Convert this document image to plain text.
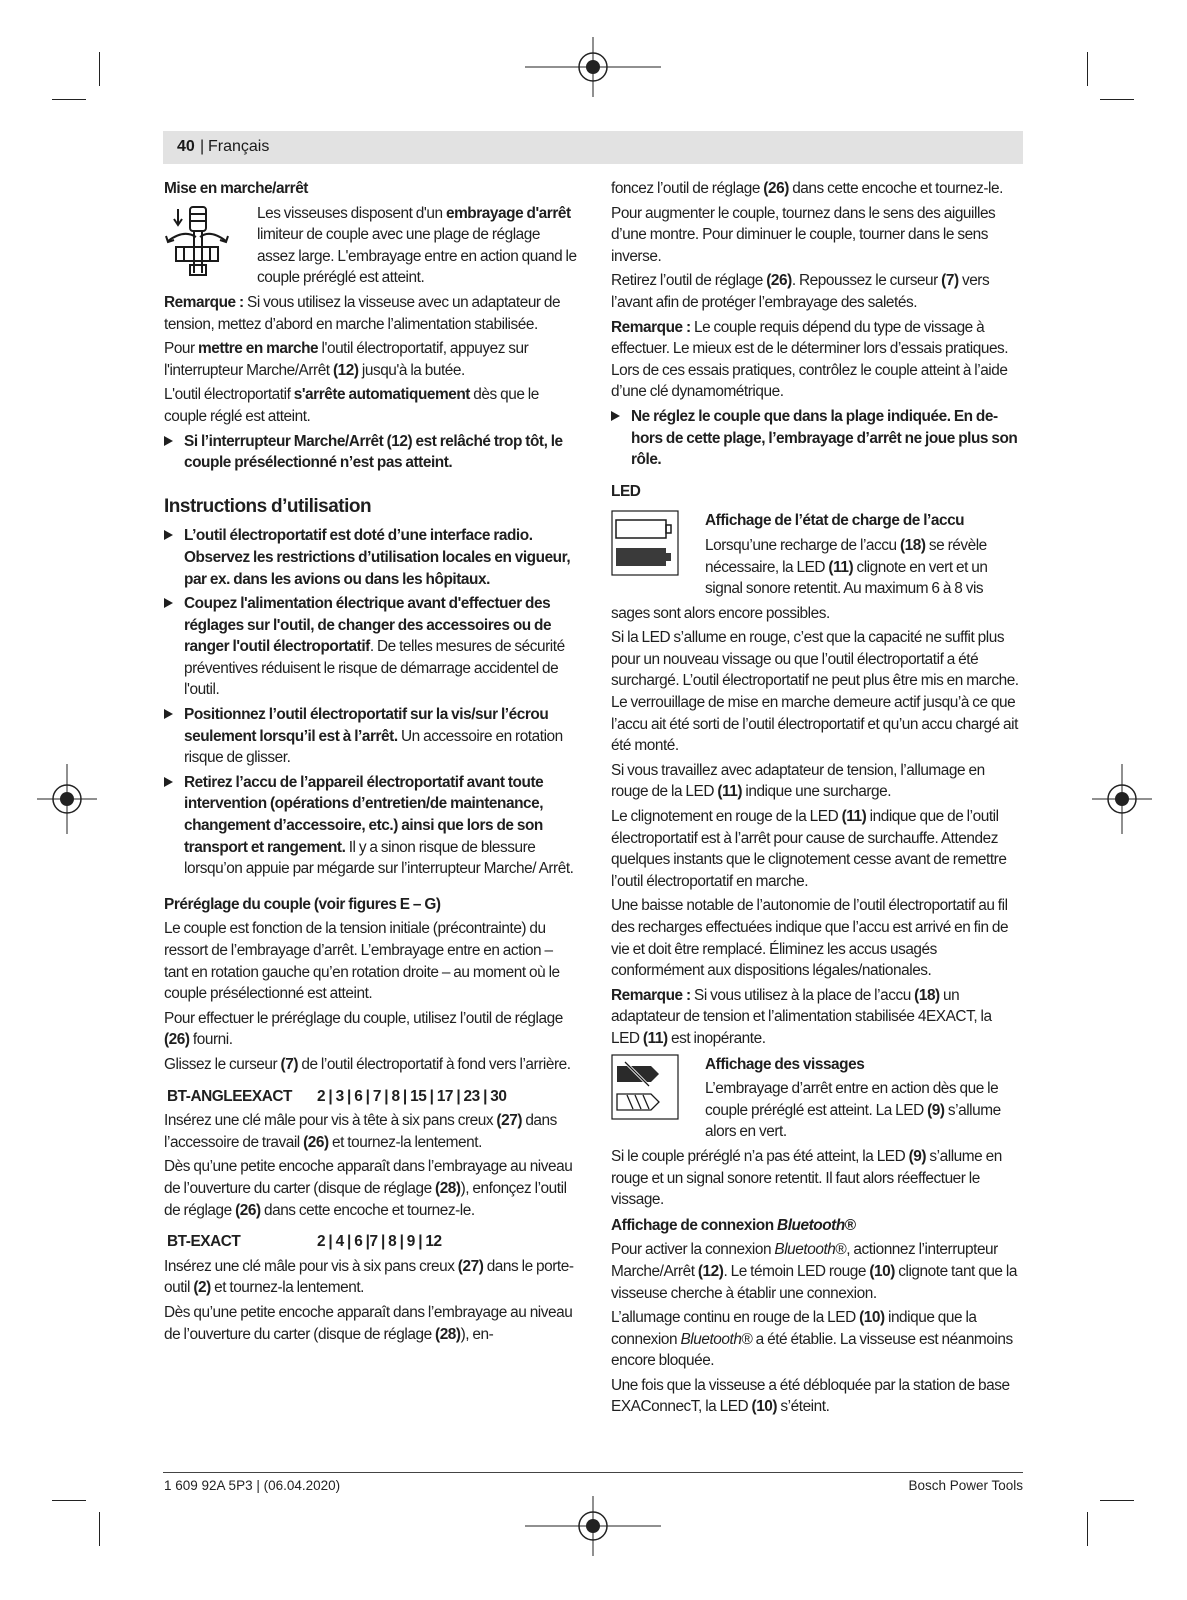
40 | Français
Mise en marche/arrêt
Les visseuses disposent d'un embrayage d'arrêt limiteur de couple avec une plage de réglage assez large. L'embrayage entre en action quand le couple préréglé est atteint.

Remarque : Si vous utilisez la visseuse avec un adaptateur de tension, mettez d’abord en marche l’alimentation stabilisée.

Pour mettre en marche l'outil électroportatif, appuyez sur l'interrupteur Marche/Arrêt (12) jusqu'à la butée.

L'outil électroportatif s'arrête automatiquement dès que le couple réglé est atteint.

Si l’interrupteur Marche/Arrêt (12) est relâché trop tôt, le couple présélectionné n’est pas atteint.
Instructions d’utilisation
L’outil électroportatif est doté d’une interface radio. Observez les restrictions d’utilisation locales en vigueur, par ex. dans les avions ou dans les hôpitaux.
Coupez l'alimentation électrique avant d'effectuer des réglages sur l'outil, de changer des accessoires ou de ranger l'outil électroportatif. De telles mesures de sécurité préventives réduisent le risque de démarrage accidentel de l'outil.
Positionnez l’outil électroportatif sur la vis/sur l’écrou seulement lorsqu’il est à l’arrêt. Un accessoire en rotation risque de glisser.
Retirez l’accu de l’appareil électroportatif avant toute intervention (opérations d’entretien/de maintenance, changement d’accessoire, etc.) ainsi que lors de son transport et rangement. Il y a sinon risque de blessure lorsqu’on appuie par mégarde sur l’interrupteur Marche/ Arrêt.
Préréglage du couple (voir figures E – G)

Le couple est fonction de la tension initiale (précontrainte) du ressort de l’embrayage d’arrêt. L’embrayage entre en action – tant en rotation gauche qu’en rotation droite – au moment où le couple présélectionné est atteint.

Pour effectuer le préréglage du couple, utilisez l’outil de réglage (26) fourni.

Glissez le curseur (7) de l’outil électroportatif à fond vers l’arrière.

BT-ANGLEEXACT	2 | 3 | 6 | 7 | 8 | 15 | 17 | 23 | 30

Insérez une clé mâle pour vis à tête à six pans creux (27) dans l’accessoire de travail (26) et tournez-la lentement.

Dès qu’une petite encoche apparaît dans l’embrayage au niveau de l’ouverture du carter (disque de réglage (28)), enfonçez l’outil de réglage (26) dans cette encoche et tournez-le.

BT-EXACT	2 | 4 | 6 |7 | 8 | 9 | 12

Insérez une clé mâle pour vis à six pans creux (27) dans le porte-outil (2) et tournez-la lentement.

Dès qu’une petite encoche apparaît dans l’embrayage au niveau de l’ouverture du carter (disque de réglage (28)), en-

foncez l’outil de réglage (26) dans cette encoche et tournez-le.

Pour augmenter le couple, tournez dans le sens des aiguilles d’une montre. Pour diminuer le couple, tourner dans le sens inverse.

Retirez l’outil de réglage (26). Repoussez le curseur (7) vers l’avant afin de protéger l’embrayage des saletés.

Remarque : Le couple requis dépend du type de vissage à effectuer. Le mieux est de le déterminer lors d’essais pratiques. Lors de ces essais pratiques, contrôlez le couple atteint à l’aide d’une clé dynamométrique.

Ne réglez le couple que dans la plage indiquée. En dehors de cette plage, l’embrayage d’arrêt ne joue plus son rôle.
LED
Affichage de l’état de charge de l’accu
Lorsqu’une recharge de l’accu (18) se révèle nécessaire, la LED (11) clignote en vert et un signal sonore retentit. Au maximum 6 à 8 vis

sages sont alors encore possibles.

Si la LED s’allume en rouge, c’est que la capacité ne suffit plus pour un nouveau vissage ou que l’outil électroportatif a été surchargé. L’outil électroportatif ne peut plus être mis en marche. Le verrouillage de mise en marche demeure actif jusqu’à ce que l’accu ait été sorti de l’outil électroportatif et qu’un accu chargé ait été monté.

Si vous travaillez avec adaptateur de tension, l’allumage en rouge de la LED (11) indique une surcharge.

Le clignotement en rouge de la LED (11) indique que de l’outil électroportatif est à l’arrêt pour cause de surchauffe. Attendez quelques instants que le clignotement cesse avant de remettre l’outil électroportatif en marche.

Une baisse notable de l’autonomie de l’outil électroportatif au fil des recharges effectuées indique que l’accu est arrivé en fin de vie et doit être remplacé. Éliminez les accus usagés conformément aux dispositions légales/nationales.

Remarque : Si vous utilisez à la place de l’accu (18) un adaptateur de tension et l’alimentation stabilisée 4EXACT, la LED (11) est inopérante.

Affichage des vissages
L’embrayage d’arrêt entre en action dès que le couple préréglé est atteint. La LED (9) s’allume alors en vert.

Si le couple préréglé n’a pas été atteint, la LED (9) s’allume en rouge et un signal sonore retentit. Il faut alors réeffectuer le vissage.

Affichage de connexion Bluetooth®

Pour activer la connexion Bluetooth®, actionnez l’interrupteur Marche/Arrêt (12). Le témoin LED rouge (10) clignote tant que la visseuse cherche à établir une connexion.

L’allumage continu en rouge de la LED (10) indique que la connexion Bluetooth® a été établie. La visseuse est néanmoins encore bloquée.

Une fois que la visseuse a été débloquée par la station de base EXAConnecT, la LED (10) s’éteint.

1 609 92A 5P3 | (06.04.2020)	Bosch Power Tools
